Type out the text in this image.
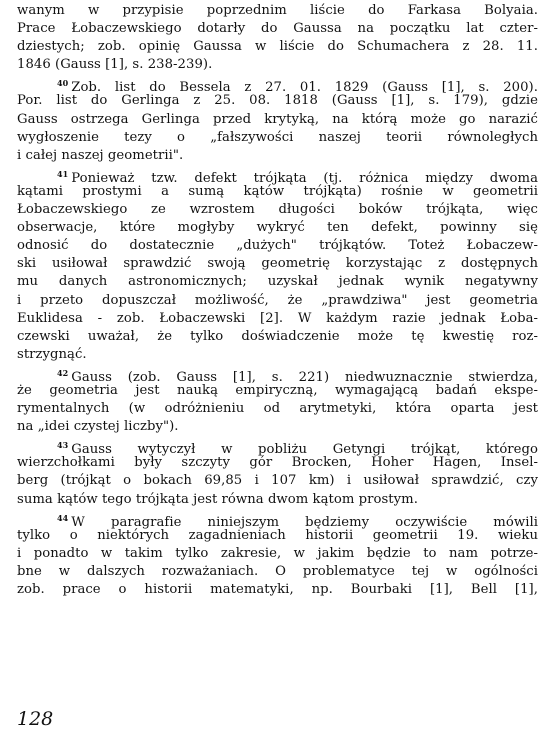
wanym w przypisie poprzednim liście do Farkasa Bolyaia.
Prace Łobaczewskiego dotarły do Gaussa na początku lat czter-
dziestych; zob. opinię Gaussa w liście do Schumachera z 28. 11.
1846 (Gauss [1], s. 238-239).
$^{40}$ Zob. list do Bessela z 27. 01. 1829 (Gauss [1], s. 200).
Por. list do Gerlinga z 25. 08. 1818 (Gauss [1], s. 179), gdzie
Gauss ostrzega Gerlinga przed krytyką, na którą może go narazić
wygłoszenie tezy o „fałszywości naszej teorii równoległych
i całej naszej geometrii".
$^{41}$ Ponieważ tzw. defekt trójkąta (tj. różnica między dwoma
kątami prostymi a sumą kątów trójkąta) rośnie w geometrii
Łobaczewskiego ze wzrostem długości boków trójkąta, więc
obserwacje, które mogłyby wykryć ten defekt, powinny się
odnosić do dostatecznie „dużych" trójkątów. Toteż Łobaczew-
ski usiłował sprawdzić swoją geometrię korzystając z dostępnych
mu danych astronomicznych; uzyskał jednak wynik negatywny
i przeto dopuszczał możliwość, że „prawdziwa" jest geometria
Euklidesa - zob. Łobaczewski [2]. W każdym razie jednak Łoba-
czewski uważał, że tylko doświadczenie może tę kwestię roz-
strzygnąć.
$^{42}$ Gauss (zob. Gauss [1], s. 221) niedwuznacznie stwierdza,
że geometria jest nauką empiryczną, wymagającą badań ekspe-
rymentalnych (w odróżnieniu od arytmetyki, która oparta jest
na „idei czystej liczby").
$^{43}$ Gauss wytyczył w pobliżu Getyngi trójkąt, którego
wierzchołkami były szczyty gór Brocken, Hoher Hagen, Insel-
berg (trójkąt o bokach 69,85 i 107 km) i usiłował sprawdzić, czy
suma kątów tego trójkąta jest równa dwom kątom prostym.
$^{44}$ W paragrafie niniejszym będziemy oczywiście mówili
tylko o niektórych zagadnieniach historii geometrii 19. wieku
i ponadto w takim tylko zakresie, w jakim będzie to nam potrze-
bne w dalszych rozważaniach. O problematyce tej w ogólności
zob. prace o historii matematyki, np. Bourbaki [1], Bell [1],
128
